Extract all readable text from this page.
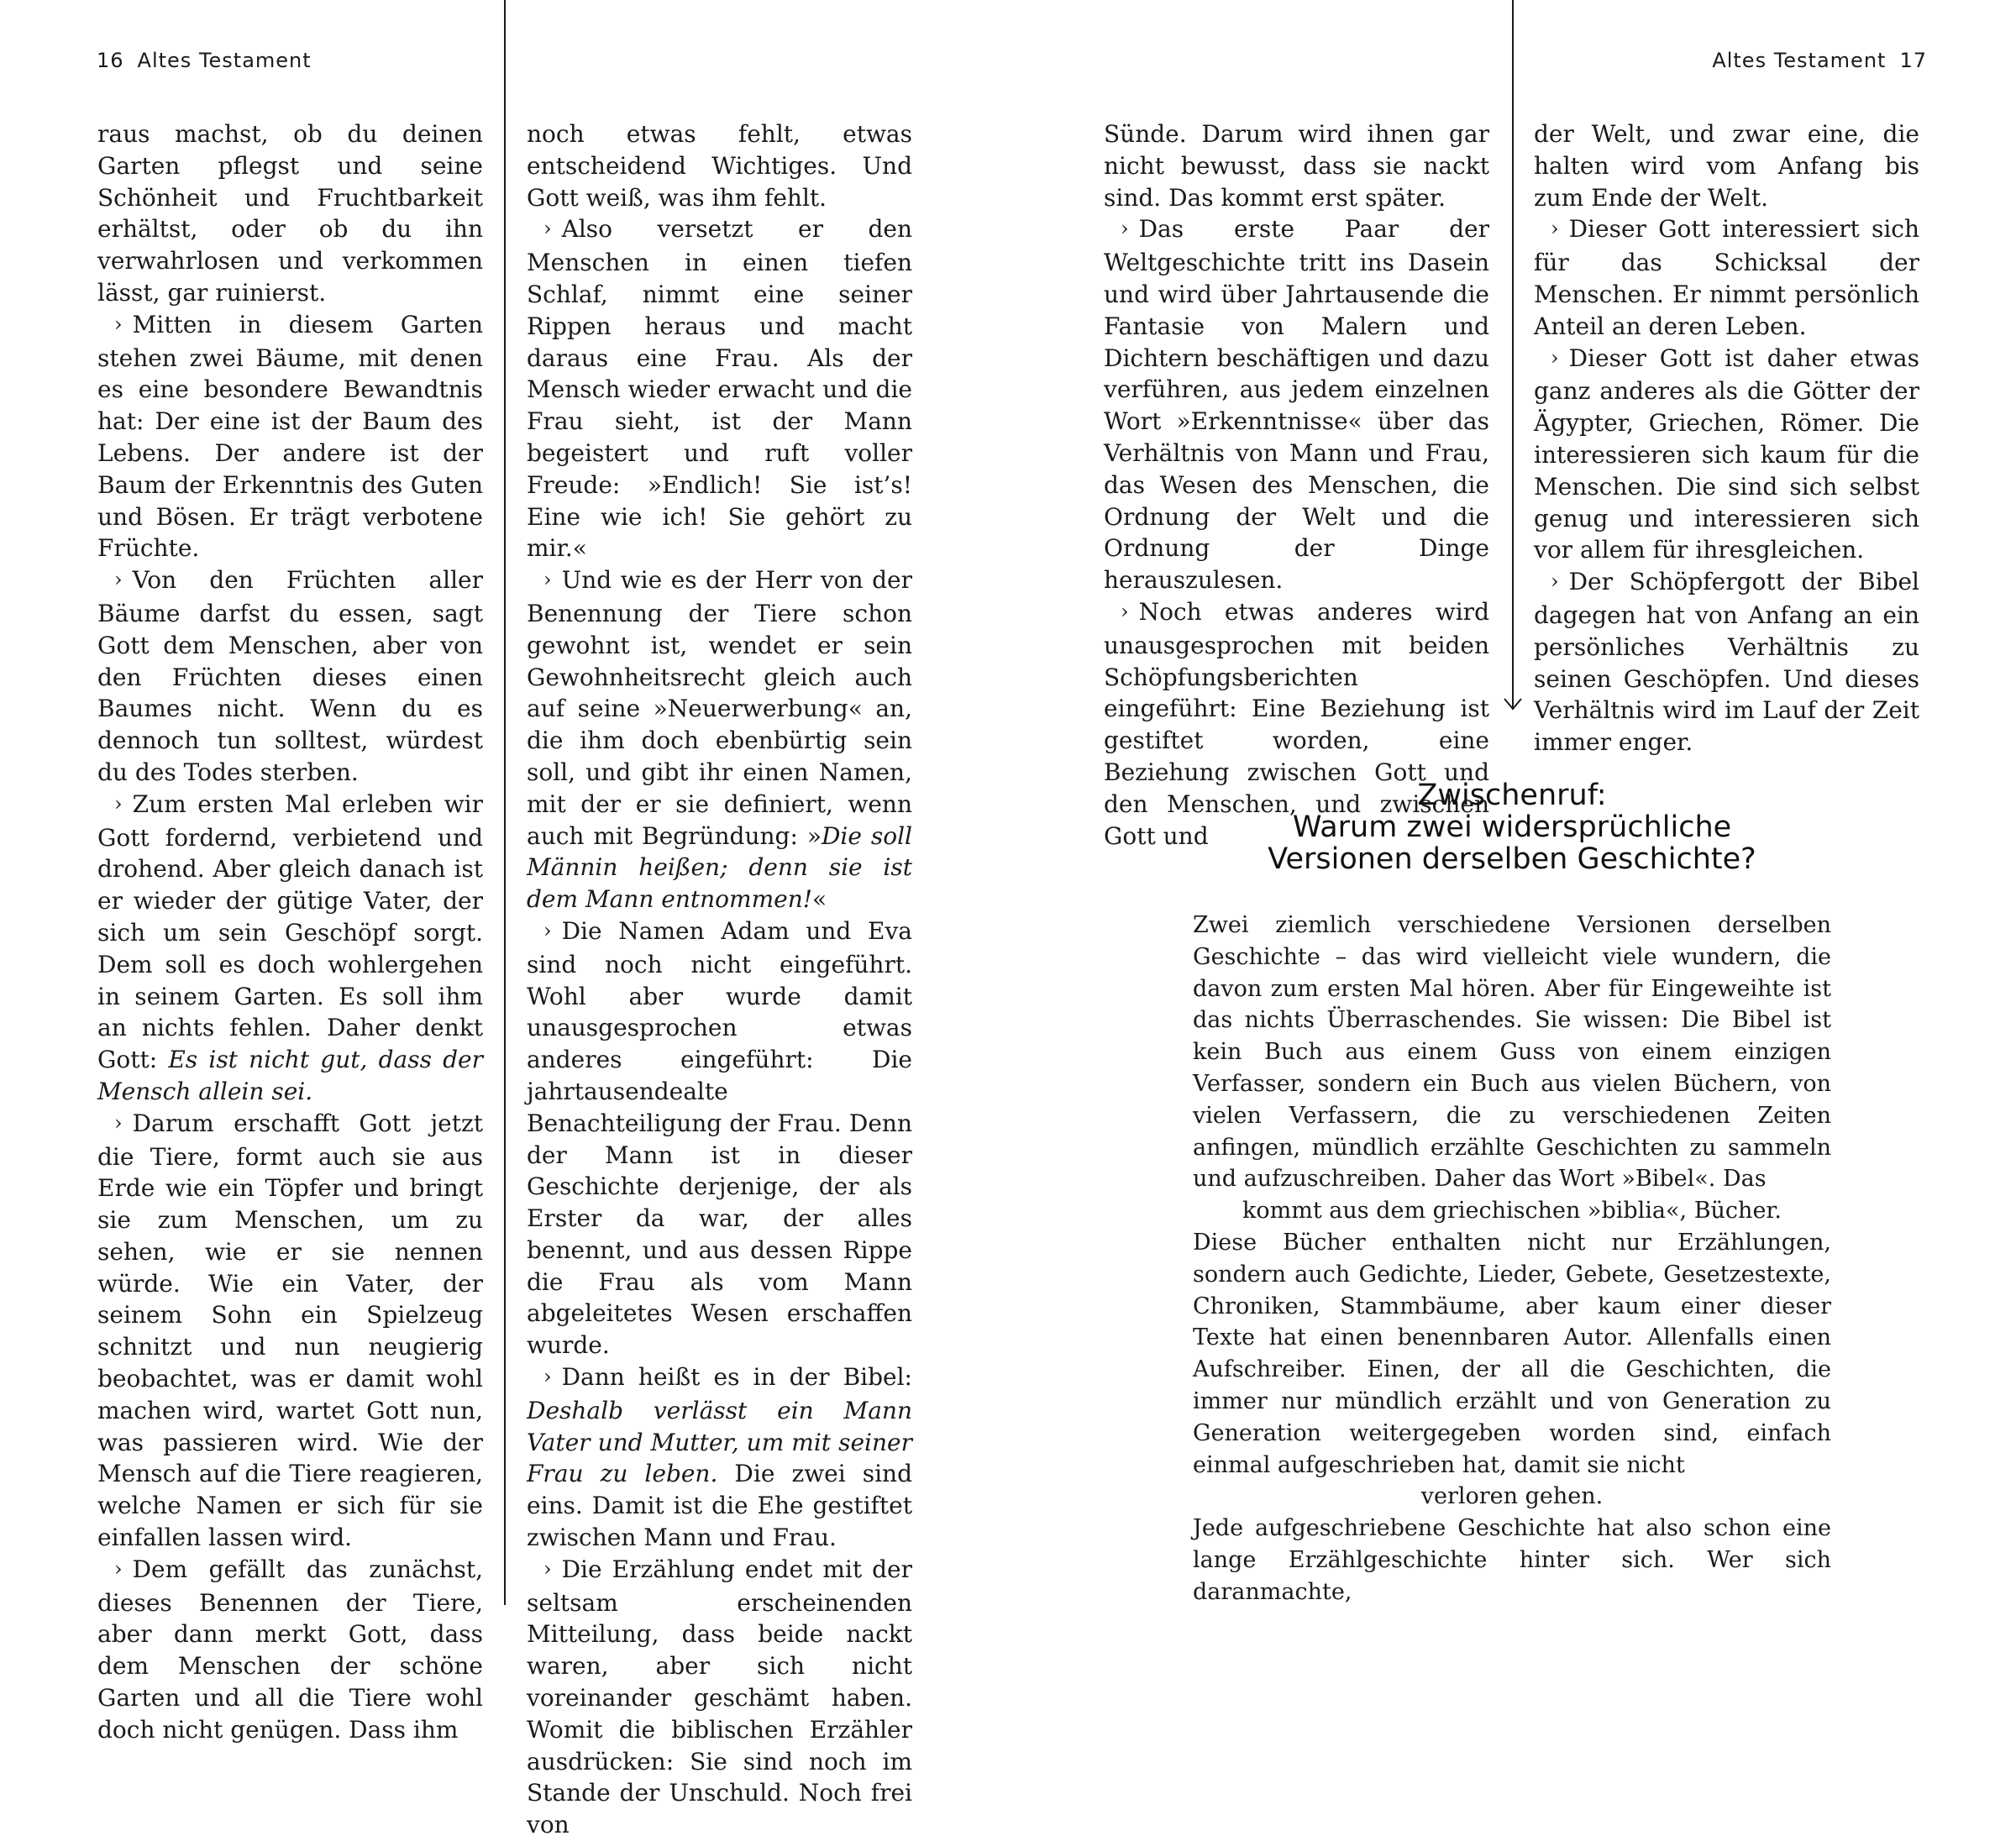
16 Altes Testament	Altes Testament 17

raus machst, ob du deinen Garten pflegst und seine Schönheit und Fruchtbarkeit erhältst, oder ob du ihn verwahrlosen und verkommen lässt, gar ruinierst.

› Mitten in diesem Garten stehen zwei Bäume, mit denen es eine besondere Bewandtnis hat: Der eine ist der Baum des Lebens. Der andere ist der Baum der Erkenntnis des Guten und Bösen. Er trägt verbotene Früchte.

› Von den Früchten aller Bäume darfst du essen, sagt Gott dem Menschen, aber von den Früchten dieses einen Baumes nicht. Wenn du es dennoch tun solltest, würdest du des Todes sterben.

› Zum ersten Mal erleben wir Gott fordernd, verbietend und drohend. Aber gleich danach ist er wieder der gütige Vater, der sich um sein Geschöpf sorgt. Dem soll es doch wohlergehen in seinem Garten. Es soll ihm an nichts fehlen. Daher denkt Gott: Es ist nicht gut, dass der Mensch allein sei.

› Darum erschafft Gott jetzt die Tiere, formt auch sie aus Erde wie ein Töpfer und bringt sie zum Menschen, um zu sehen, wie er sie nennen würde. Wie ein Vater, der seinem Sohn ein Spielzeug schnitzt und nun neugierig beobachtet, was er damit wohl machen wird, wartet Gott nun, was passieren wird. Wie der Mensch auf die Tiere reagieren, welche Namen er sich für sie einfallen lassen wird.

› Dem gefällt das zunächst, dieses Benennen der Tiere, aber dann merkt Gott, dass dem Menschen der schöne Garten und all die Tiere wohl doch nicht genügen. Dass ihm

noch etwas fehlt, etwas entscheidend Wichtiges. Und Gott weiß, was ihm fehlt.

› Also versetzt er den Menschen in einen tiefen Schlaf, nimmt eine seiner Rippen heraus und macht daraus eine Frau. Als der Mensch wieder erwacht und die Frau sieht, ist der Mann begeistert und ruft voller Freude: »Endlich! Sie ist’s! Eine wie ich! Sie gehört zu mir.«

› Und wie es der Herr von der Benennung der Tiere schon gewohnt ist, wendet er sein Gewohnheitsrecht gleich auch auf seine »Neuerwerbung« an, die ihm doch ebenbürtig sein soll, und gibt ihr einen Namen, mit der er sie definiert, wenn auch mit Begründung: »Die soll Männin heißen; denn sie ist dem Mann entnommen!«

› Die Namen Adam und Eva sind noch nicht eingeführt. Wohl aber wurde damit unausgesprochen etwas anderes eingeführt: Die jahrtausendealte Benachteiligung der Frau. Denn der Mann ist in dieser Geschichte derjenige, der als Erster da war, der alles benennt, und aus dessen Rippe die Frau als vom Mann abgeleitetes Wesen erschaffen wurde.

› Dann heißt es in der Bibel: Deshalb verlässt ein Mann Vater und Mutter, um mit seiner Frau zu leben. Die zwei sind eins. Damit ist die Ehe gestiftet zwischen Mann und Frau.

› Die Erzählung endet mit der seltsam erscheinenden Mitteilung, dass beide nackt waren, aber sich nicht voreinander geschämt haben. Womit die biblischen Erzähler ausdrücken: Sie sind noch im Stande der Unschuld. Noch frei von

Sünde. Darum wird ihnen gar nicht bewusst, dass sie nackt sind. Das kommt erst später.

› Das erste Paar der Weltgeschichte tritt ins Dasein und wird über Jahrtausende die Fantasie von Malern und Dichtern beschäftigen und dazu verführen, aus jedem einzelnen Wort »Erkenntnisse« über das Verhältnis von Mann und Frau, das Wesen des Menschen, die Ordnung der Welt und die Ordnung der Dinge herauszulesen.

› Noch etwas anderes wird unausgesprochen mit beiden Schöpfungsberichten eingeführt: Eine Beziehung ist gestiftet worden, eine Beziehung zwischen Gott und den Menschen, und zwischen Gott und

der Welt, und zwar eine, die halten wird vom Anfang bis zum Ende der Welt.

› Dieser Gott interessiert sich für das Schicksal der Menschen. Er nimmt persönlich Anteil an deren Leben.

› Dieser Gott ist daher etwas ganz anderes als die Götter der Ägypter, Griechen, Römer. Die interessieren sich kaum für die Menschen. Die sind sich selbst genug und interessieren sich vor allem für ihresgleichen.

› Der Schöpfergott der Bibel dagegen hat von Anfang an ein persönliches Verhältnis zu seinen Geschöpfen. Und dieses Verhältnis wird im Lauf der Zeit immer enger.

Zwischenruf:
Warum zwei widersprüchliche
Versionen derselben Geschichte?

Zwei ziemlich verschiedene Versionen derselben Geschichte – das wird vielleicht viele wundern, die davon zum ersten Mal hören. Aber für Eingeweihte ist das nichts Überraschendes. Sie wissen: Die Bibel ist kein Buch aus einem Guss von einem einzigen Verfasser, sondern ein Buch aus vielen Büchern, von vielen Verfassern, die zu verschiedenen Zeiten anfingen, mündlich erzählte Geschichten zu sammeln und aufzuschreiben. Daher das Wort »Bibel«. Das

kommt aus dem griechischen »biblia«, Bücher.

Diese Bücher enthalten nicht nur Erzählungen, sondern auch Gedichte, Lieder, Gebete, Gesetzestexte, Chroniken, Stammbäume, aber kaum einer dieser Texte hat einen benennbaren Autor. Allenfalls einen Aufschreiber. Einen, der all die Geschichten, die immer nur mündlich erzählt und von Generation zu Generation weitergegeben worden sind, einfach einmal aufgeschrieben hat, damit sie nicht

verloren gehen.

Jede aufgeschriebene Geschichte hat also schon eine lange Erzählgeschichte hinter sich. Wer sich daranmachte,
